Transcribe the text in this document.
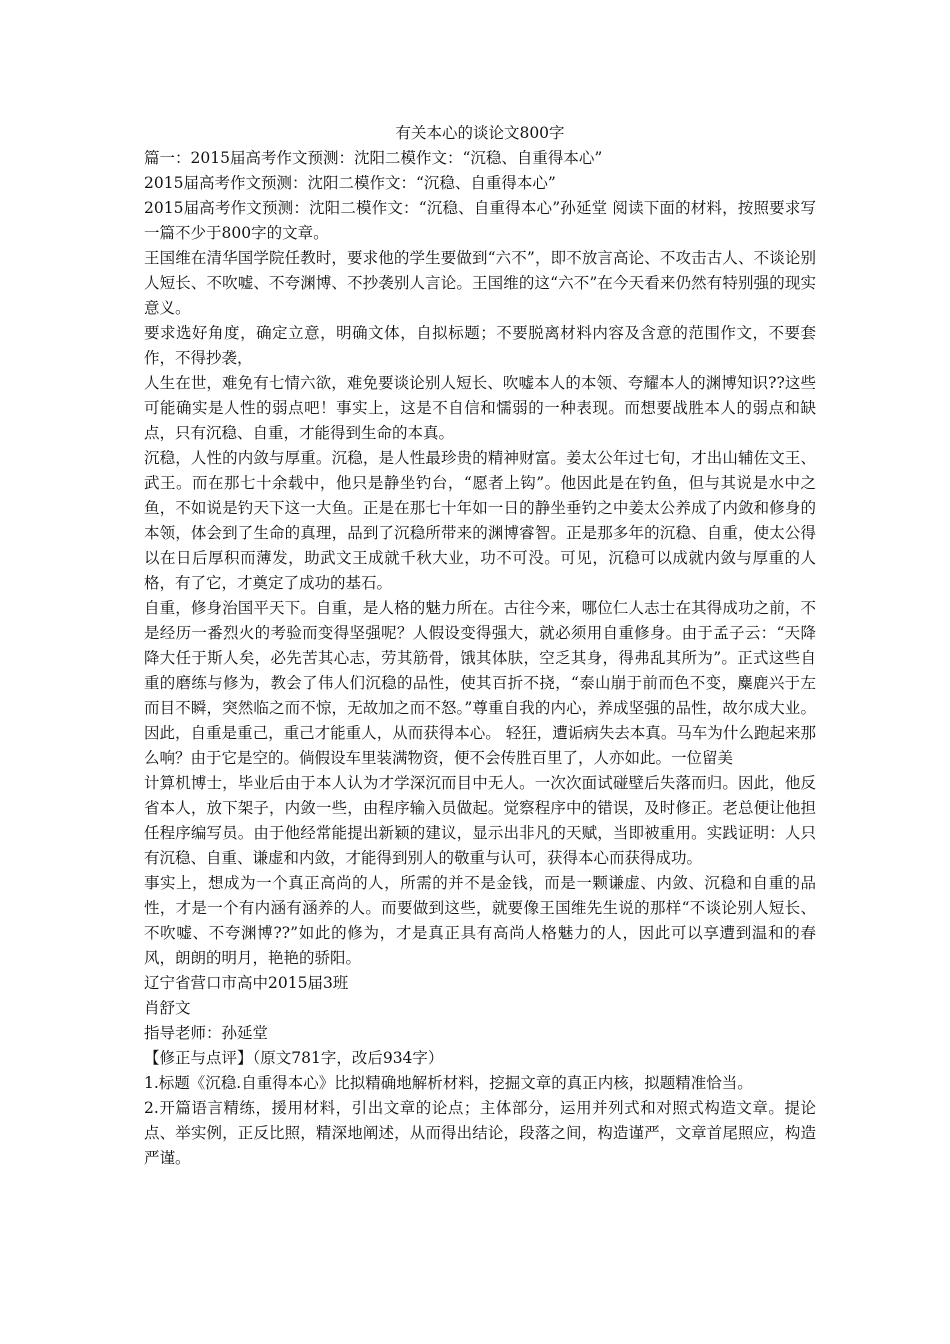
有关本心的谈论文800字

篇一：2015届高考作文预测：沈阳二模作文：“沉稳、自重得本心”

2015届高考作文预测：沈阳二模作文：“沉稳、自重得本心”

2015届高考作文预测：沈阳二模作文：“沉稳、自重得本心”孙延堂 阅读下面的材料，按照要求写一篇不少于800字的文章。

王国维在清华国学院任教时，要求他的学生要做到“六不”，即不放言高论、不攻击古人、不谈论别人短长、不吹嘘、不夸渊博、不抄袭别人言论。王国维的这“六不”在今天看来仍然有特别强的现实意义。

要求选好角度，确定立意，明确文体，自拟标题；不要脱离材料内容及含意的范围作文，不要套作，不得抄袭，

人生在世，难免有七情六欲，难免要谈论别人短长、吹嘘本人的本领、夸耀本人的渊博知识??这些可能确实是人性的弱点吧！事实上，这是不自信和懦弱的一种表现。而想要战胜本人的弱点和缺点，只有沉稳、自重，才能得到生命的本真。

沉稳，人性的内敛与厚重。沉稳，是人性最珍贵的精神财富。姜太公年过七旬，才出山辅佐文王、武王。而在那七十余载中，他只是静坐钓台，“愿者上钩”。他因此是在钓鱼，但与其说是水中之鱼，不如说是钓天下这一大鱼。正是在那七十年如一日的静坐垂钓之中姜太公养成了内敛和修身的本领，体会到了生命的真理，品到了沉稳所带来的渊博睿智。正是那多年的沉稳、自重，使太公得以在日后厚积而薄发，助武文王成就千秋大业，功不可没。可见，沉稳可以成就内敛与厚重的人格，有了它，才奠定了成功的基石。

自重，修身治国平天下。自重，是人格的魅力所在。古往今来，哪位仁人志士在其得成功之前，不是经历一番烈火的考验而变得坚强呢？人假设变得强大，就必须用自重修身。由于孟子云：“天降降大任于斯人矣，必先苦其心志，劳其筋骨，饿其体肤，空乏其身，得弗乱其所为”。正式这些自重的磨练与修为，教会了伟人们沉稳的品性，使其百折不挠，“泰山崩于前而色不变，麋鹿兴于左而目不瞬，突然临之而不惊，无故加之而不怒。”尊重自我的内心，养成坚强的品性，故尔成大业。因此，自重是重己，重己才能重人，从而获得本心。 轻狂，遭诟病失去本真。马车为什么跑起来那么响？由于它是空的。倘假设车里装满物资，便不会传胜百里了，人亦如此。一位留美

计算机博士，毕业后由于本人认为才学深沉而目中无人。一次次面试碰壁后失落而归。因此，他反省本人，放下架子，内敛一些，由程序输入员做起。觉察程序中的错误，及时修正。老总便让他担任程序编写员。由于他经常能提出新颖的建议，显示出非凡的天赋，当即被重用。实践证明：人只有沉稳、自重、谦虚和内敛，才能得到别人的敬重与认可，获得本心而获得成功。

事实上，想成为一个真正高尚的人，所需的并不是金钱，而是一颗谦虚、内敛、沉稳和自重的品性，才是一个有内涵有涵养的人。而要做到这些，就要像王国维先生说的那样“不谈论别人短长、不吹嘘、不夸渊博??”如此的修为，才是真正具有高尚人格魅力的人，因此可以享遭到温和的春风，朗朗的明月，艳艳的骄阳。

辽宁省营口市高中2015届3班

肖舒文

指导老师：孙延堂

【修正与点评】（原文781字，改后934字）

1.标题《沉稳.自重得本心》比拟精确地解析材料，挖掘文章的真正内核，拟题精准恰当。

2.开篇语言精练，援用材料，引出文章的论点；主体部分，运用并列式和对照式构造文章。提论点、举实例，正反比照，精深地阐述，从而得出结论，段落之间，构造谨严，文章首尾照应，构造严谨。
